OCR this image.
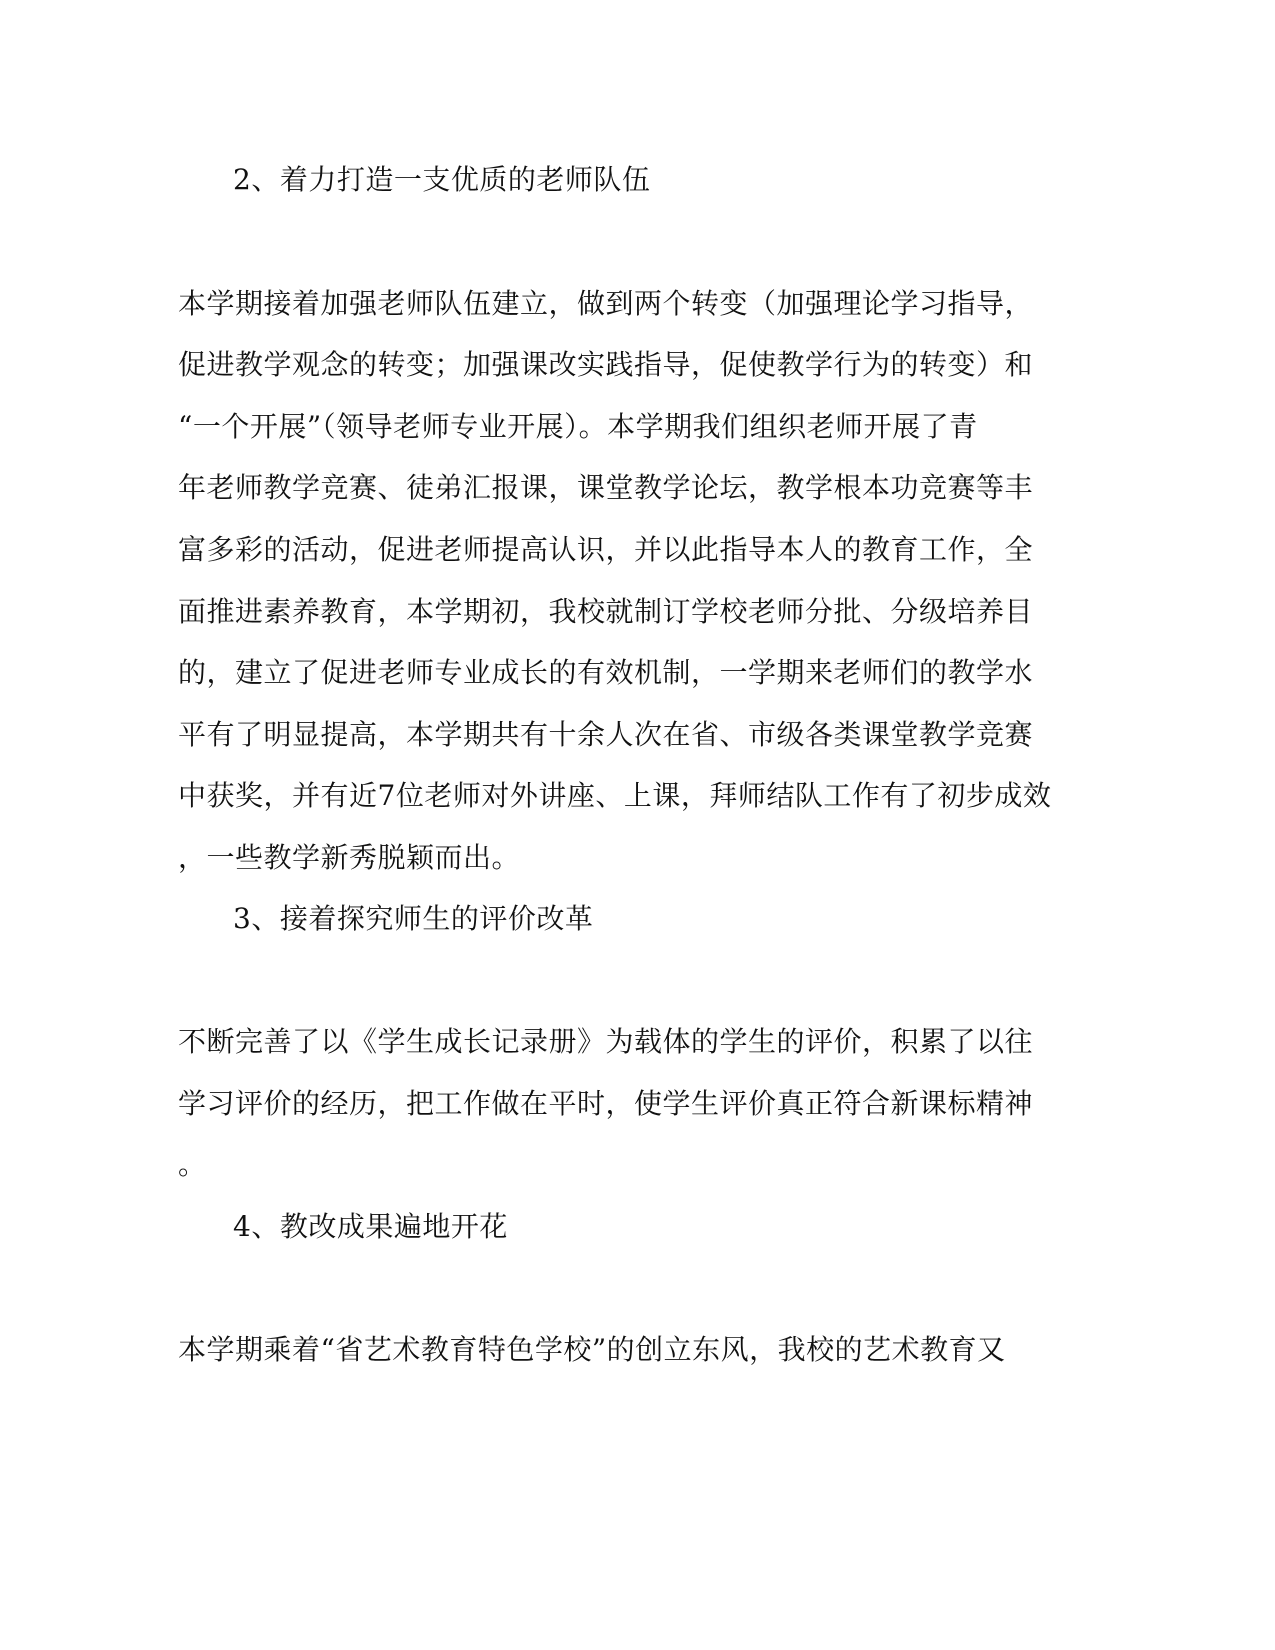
2、着力打造一支优质的老师队伍
本学期接着加强老师队伍建立，做到两个转变（加强理论学习指导，
促进教学观念的转变；加强课改实践指导，促使教学行为的转变）和
“一个开展”（领导老师专业开展）。本学期我们组织老师开展了青
年老师教学竞赛、徒弟汇报课，课堂教学论坛，教学根本功竞赛等丰
富多彩的活动，促进老师提高认识，并以此指导本人的教育工作，全
面推进素养教育，本学期初，我校就制订学校老师分批、分级培养目
的，建立了促进老师专业成长的有效机制，一学期来老师们的教学水
平有了明显提高，本学期共有十余人次在省、市级各类课堂教学竞赛
中获奖，并有近7位老师对外讲座、上课，拜师结队工作有了初步成效
，一些教学新秀脱颖而出。
3、接着探究师生的评价改革
不断完善了以《学生成长记录册》为载体的学生的评价，积累了以往
学习评价的经历，把工作做在平时，使学生评价真正符合新课标精神
。
4、教改成果遍地开花
本学期乘着“省艺术教育特色学校”的创立东风，我校的艺术教育又
